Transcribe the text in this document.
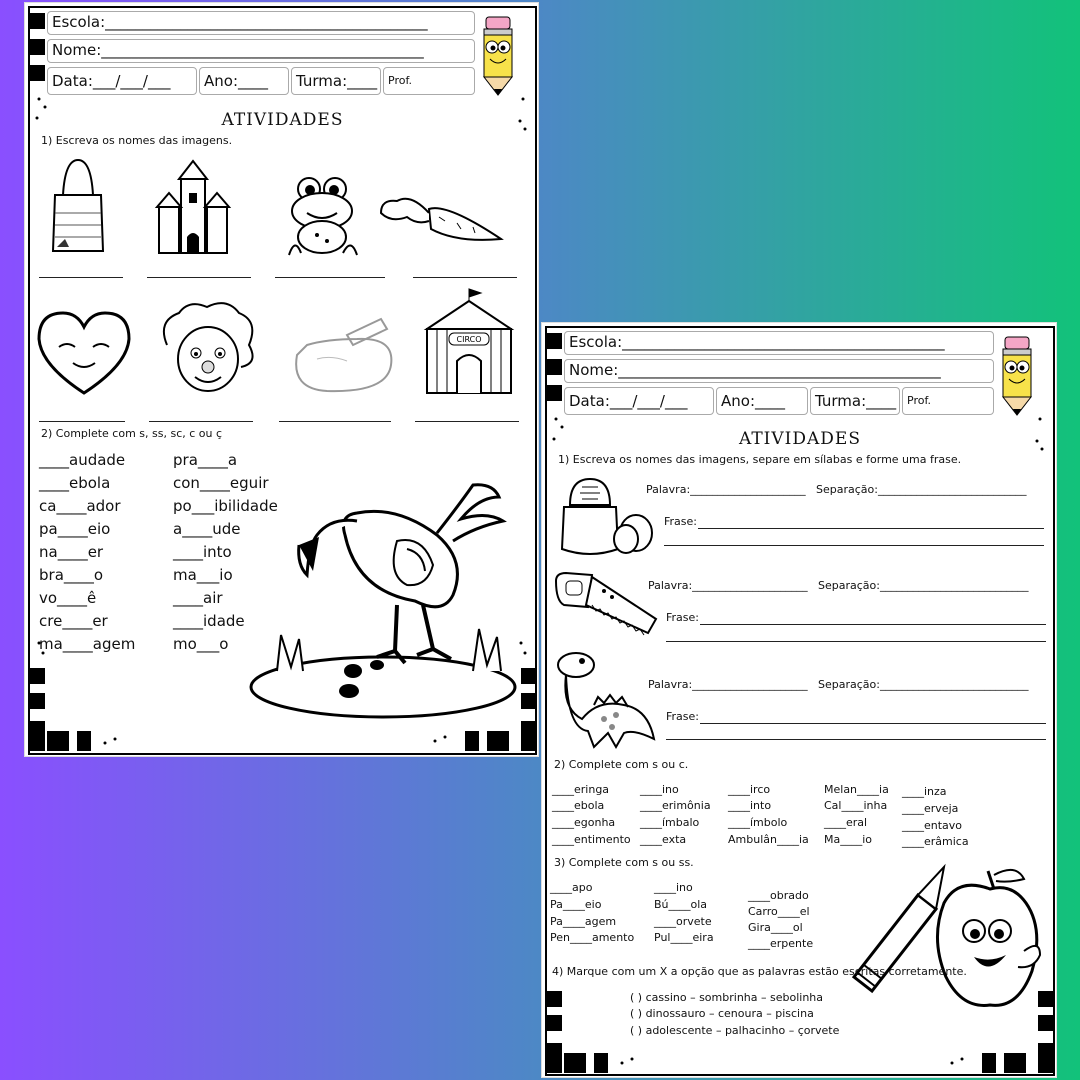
Escola:___________________________________________
Nome:___________________________________________
Data:___/___/___	Ano:____	Turma:____ Prof.
ATIVIDADES
1) Escreva os nomes das imagens.
CIRCO
2) Complete com s, ss, sc, c ou ç
____audade
____ebola
ca____ador
pa____eio
na____er
bra____o
vo____ê
cre____er
ma____agem
pra____a
con____eguir
po___ibilidade
a____ude
____into
ma___io
____air
____idade
mo___o
Escola:___________________________________________
Nome:___________________________________________
Data:___/___/___	Ano:____	Turma:____ Prof.
ATIVIDADES
1) Escreva os nomes das imagens, separe em sílabas e forme uma frase.
Palavra:_____________________ Separação:___________________________
Frase:
Palavra:_____________________ Separação:___________________________
Frase:
Palavra:_____________________ Separação:___________________________
Frase:
2) Complete com s ou c.
____eringa
____ebola
____egonha
____entimento
____ino
____erimônia
____ímbalo
____exta
____irco
____into
____ímbolo
Ambulân____ia
Melan____ia
Cal____inha
____eral
Ma____io
____inza
____erveja
____entavo
____erâmica
3) Complete com s ou ss.
____apo
Pa____eio
Pa____agem
Pen____amento
____ino
Bú____ola
____orvete
Pul____eira
____obrado
Carro____el
Gira____ol
____erpente
4) Marque com um X a opção que as palavras estão escritas corretamente.
( ) cassino – sombrinha – sebolinha
( ) dinossauro – cenoura – piscina
( ) adolescente – palhacinho – çorvete
